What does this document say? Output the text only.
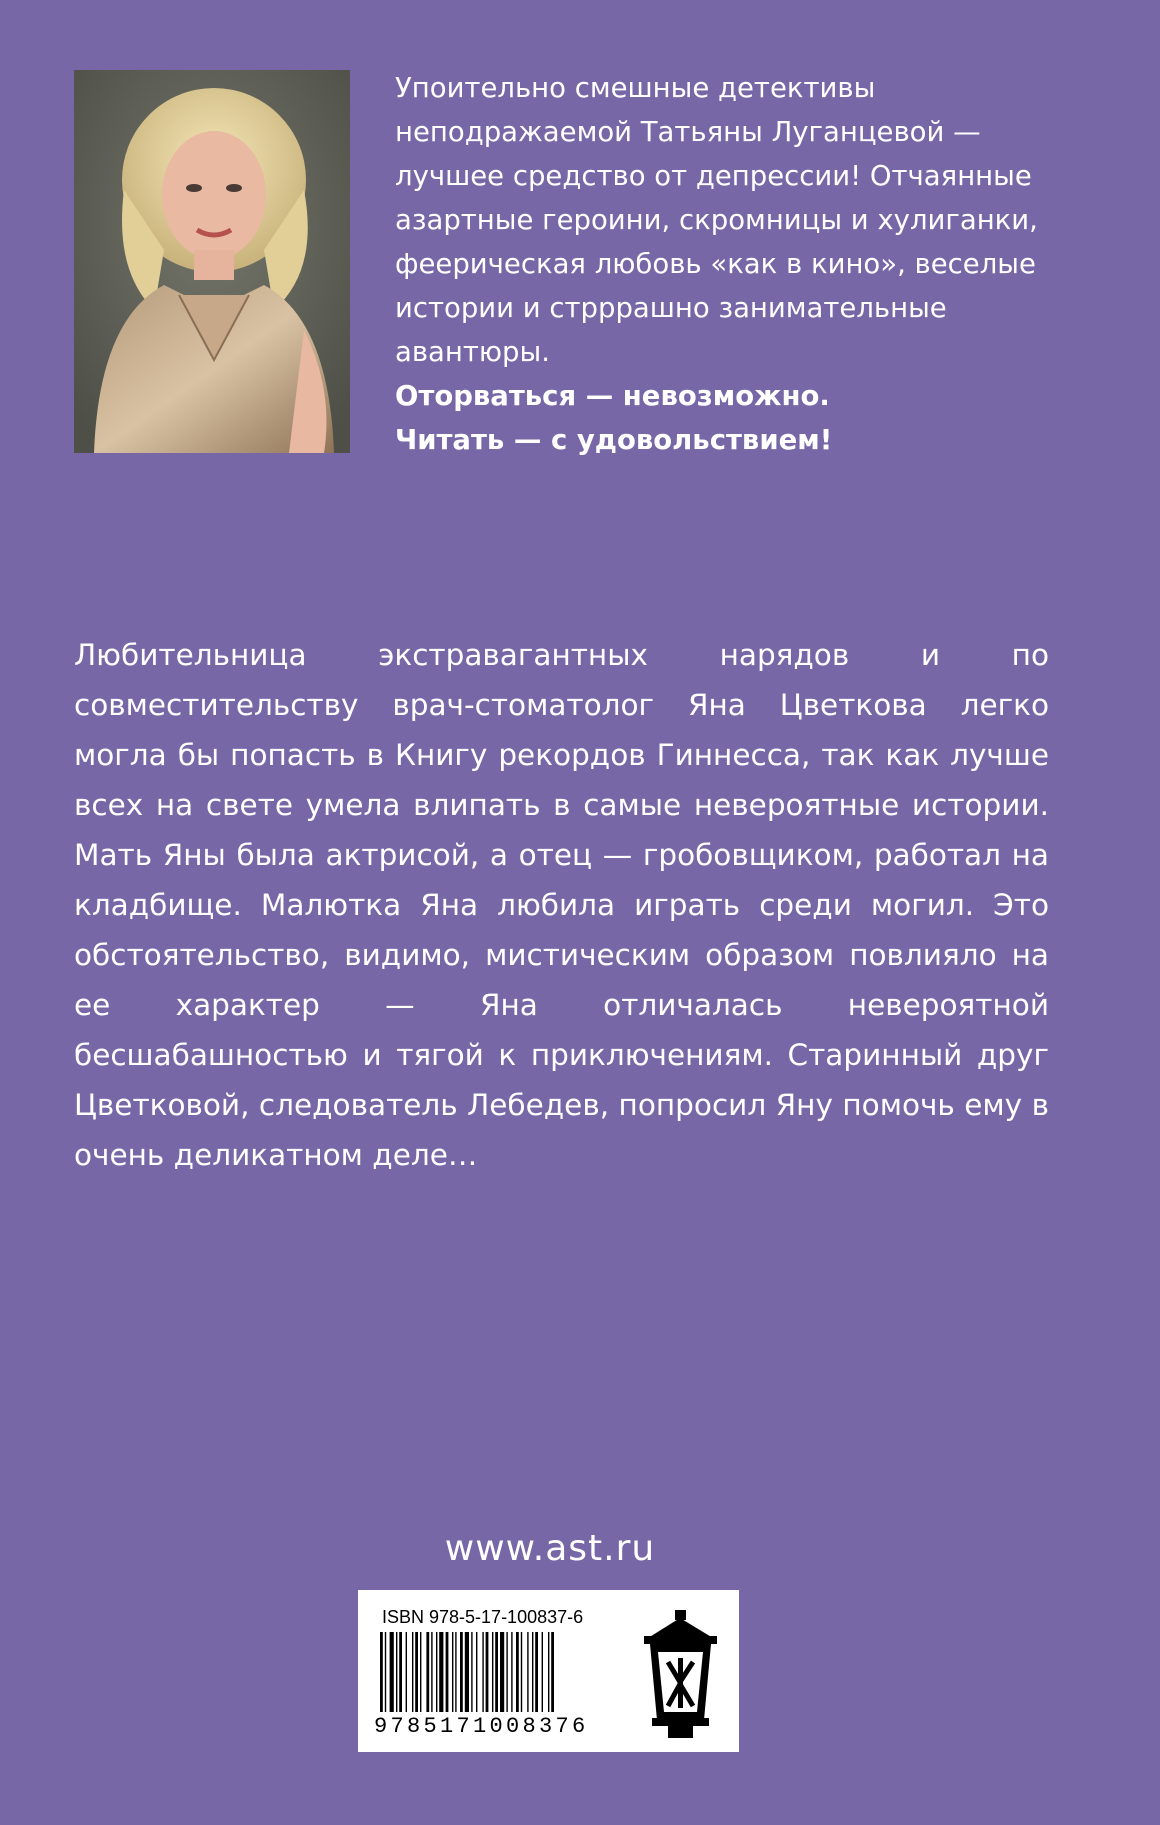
Упоительно смешные детективы неподражаемой Татьяны Луганцевой — лучшее средство от депрессии! Отчаянные азартные героини, скромницы и хулиганки, феерическая любовь «как в кино», веселые истории и стрррашно занимательные авантюры.

Оторваться — невозможно.

Читать — с удовольствием!

Любительница экстравагантных нарядов и по совместительству врач-стоматолог Яна Цветкова легко могла бы попасть в Книгу рекордов Гиннесса, так как лучше всех на свете умела влипать в самые невероятные истории. Мать Яны была актрисой, а отец — гробовщиком, работал на кладбище. Малютка Яна любила играть среди могил. Это обстоятельство, видимо, мистическим образом повлияло на ее характер — Яна отличалась невероятной бесшабашностью и тягой к приключениям. Старинный друг Цветковой, следователь Лебедев, попросил Яну помочь ему в очень деликатном деле…

www.ast.ru
ISBN 978-5-17-100837-6
9785171008376
